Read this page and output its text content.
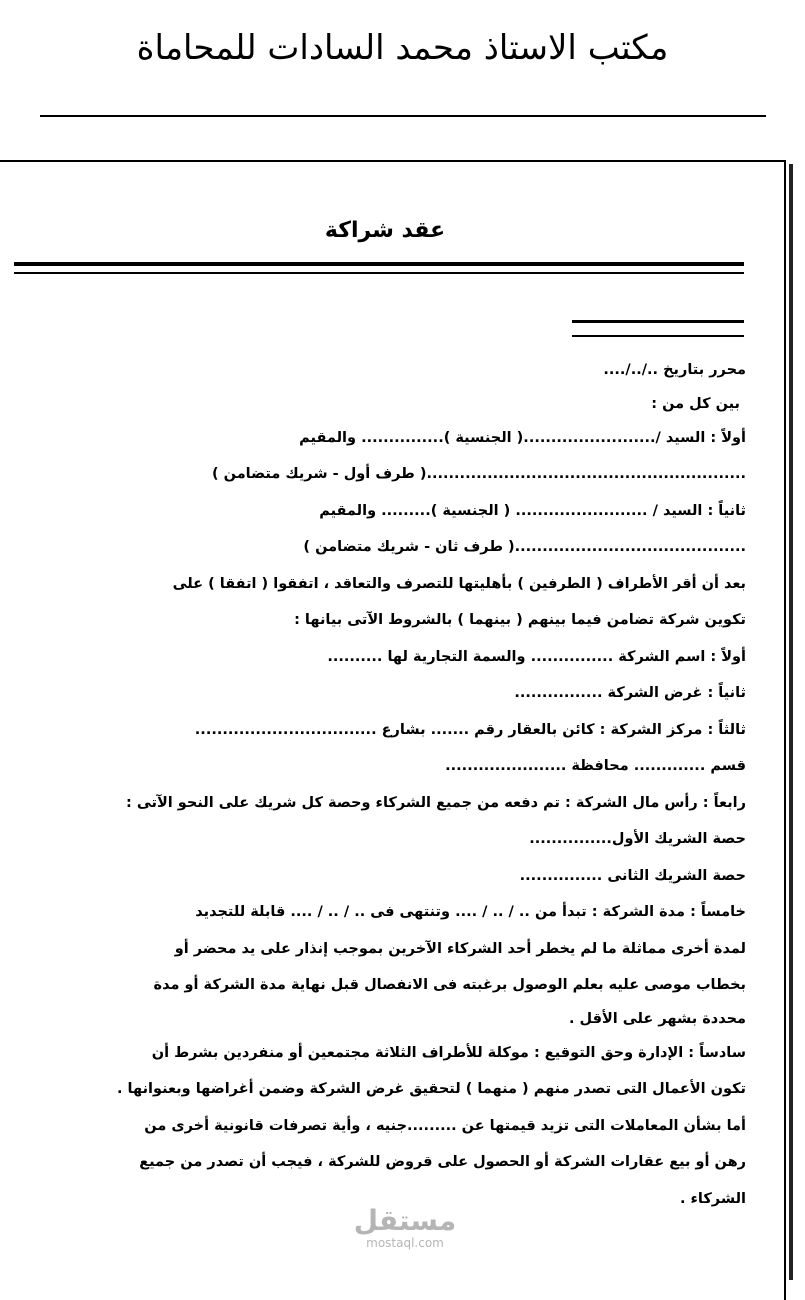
مكتب الاستاذ محمد السادات للمحاماة
عقد شراكة
محرر بتاريخ ../../....
بين كل من :
أولاً : السيد /........................( الجنسية )............... والمقيم
..........................................................( طرف أول - شريك متضامن )
ثانياً : السيد / ........................ ( الجنسية )......... والمقيم
..........................................( طرف ثان - شريك متضامن )
بعد أن أقر الأطراف ( الطرفين ) بأهليتها للتصرف والتعاقد ، اتفقوا ( اتفقا ) على
تكوين شركة تضامن فيما بينهم ( بينهما ) بالشروط الآتى بيانها :
أولاً : اسم الشركة ............... والسمة التجارية لها ..........
ثانياً : غرض الشركة ................
ثالثاً : مركز الشركة : كائن بالعقار رقم ....... بشارع .................................
قسم ............. محافظة ......................
رابعاً : رأس مال الشركة : تم دفعه من جميع الشركاء وحصة كل شريك على النحو الآتى :
حصة الشريك الأول...............
حصة الشريك الثانى ...............
خامساً : مدة الشركة : تبدأ من .. / .. / .... وتنتهى فى .. / .. / .... قابلة للتجديد
لمدة أخرى مماثلة ما لم يخطر أحد الشركاء الآخرين بموجب إنذار على يد محضر أو
بخطاب موصى عليه بعلم الوصول برغبته فى الانفصال قبل نهاية مدة الشركة أو مدة
محددة بشهر على الأقل .
سادساً : الإدارة وحق التوقيع : موكلة للأطراف الثلاثة مجتمعين أو منفردين بشرط أن
تكون الأعمال التى تصدر منهم ( منهما ) لتحقيق غرض الشركة وضمن أغراضها وبعنوانها .
أما بشأن المعاملات التى تزيد قيمتها عن .........جنيه ، وأية تصرفات قانونية أخرى من
رهن أو بيع عقارات الشركة أو الحصول على قروض للشركة ، فيجب أن تصدر من جميع
الشركاء .
مستقل
mostaql.com
